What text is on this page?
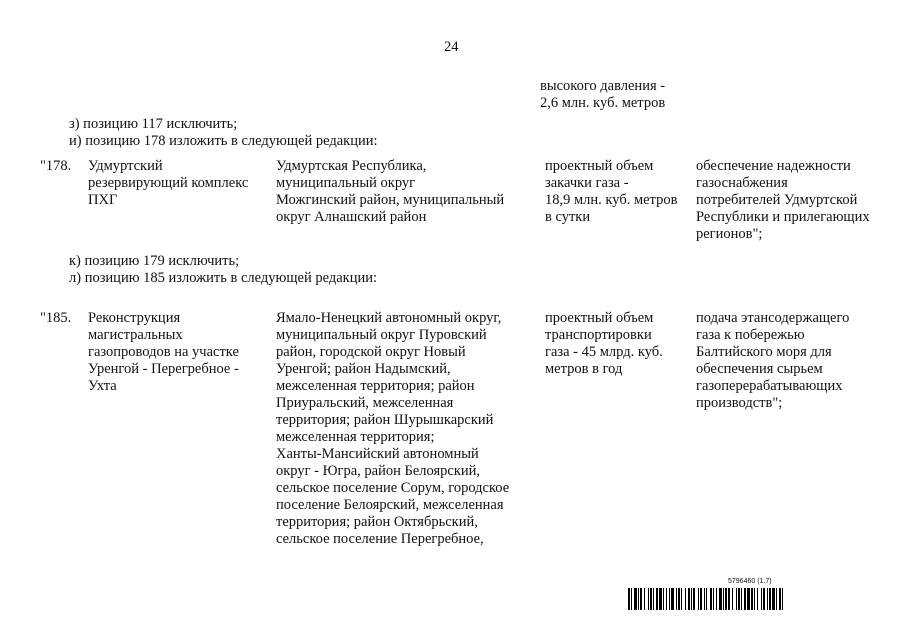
24
высокого давления -
2,6 млн. куб. метров
з) позицию 117 исключить;
и) позицию 178 изложить в следующей редакции:
"178. Удмуртский
резервирующий комплекс
ПХГ
Удмуртская Республика,
муниципальный округ
Можгинский район, муниципальный
округ Алнашский район
проектный объем
закачки газа -
18,9 млн. куб. метров
в сутки
обеспечение надежности
газоснабжения
потребителей Удмуртской
Республики и прилегающих
регионов";
к) позицию 179 исключить;
л) позицию 185 изложить в следующей редакции:
"185. Реконструкция
магистральных
газопроводов на участке
Уренгой - Перегребное -
Ухта
Ямало-Ненецкий автономный округ,
муниципальный округ Пуровский
район, городской округ Новый
Уренгой; район Надымский,
межселенная территория; район
Приуральский, межселенная
территория; район Шурышкарский
межселенная территория;
Ханты-Мансийский автономный
округ - Югра, район Белоярский,
сельское поселение Сорум, городское
поселение Белоярский, межселенная
территория; район Октябрьский,
сельское поселение Перегребное,
проектный объем
транспортировки
газа - 45 млрд. куб.
метров в год
подача этансодержащего
газа к побережью
Балтийского моря для
обеспечения сырьем
газоперерабатывающих
производств";
5796460 (1.7)
